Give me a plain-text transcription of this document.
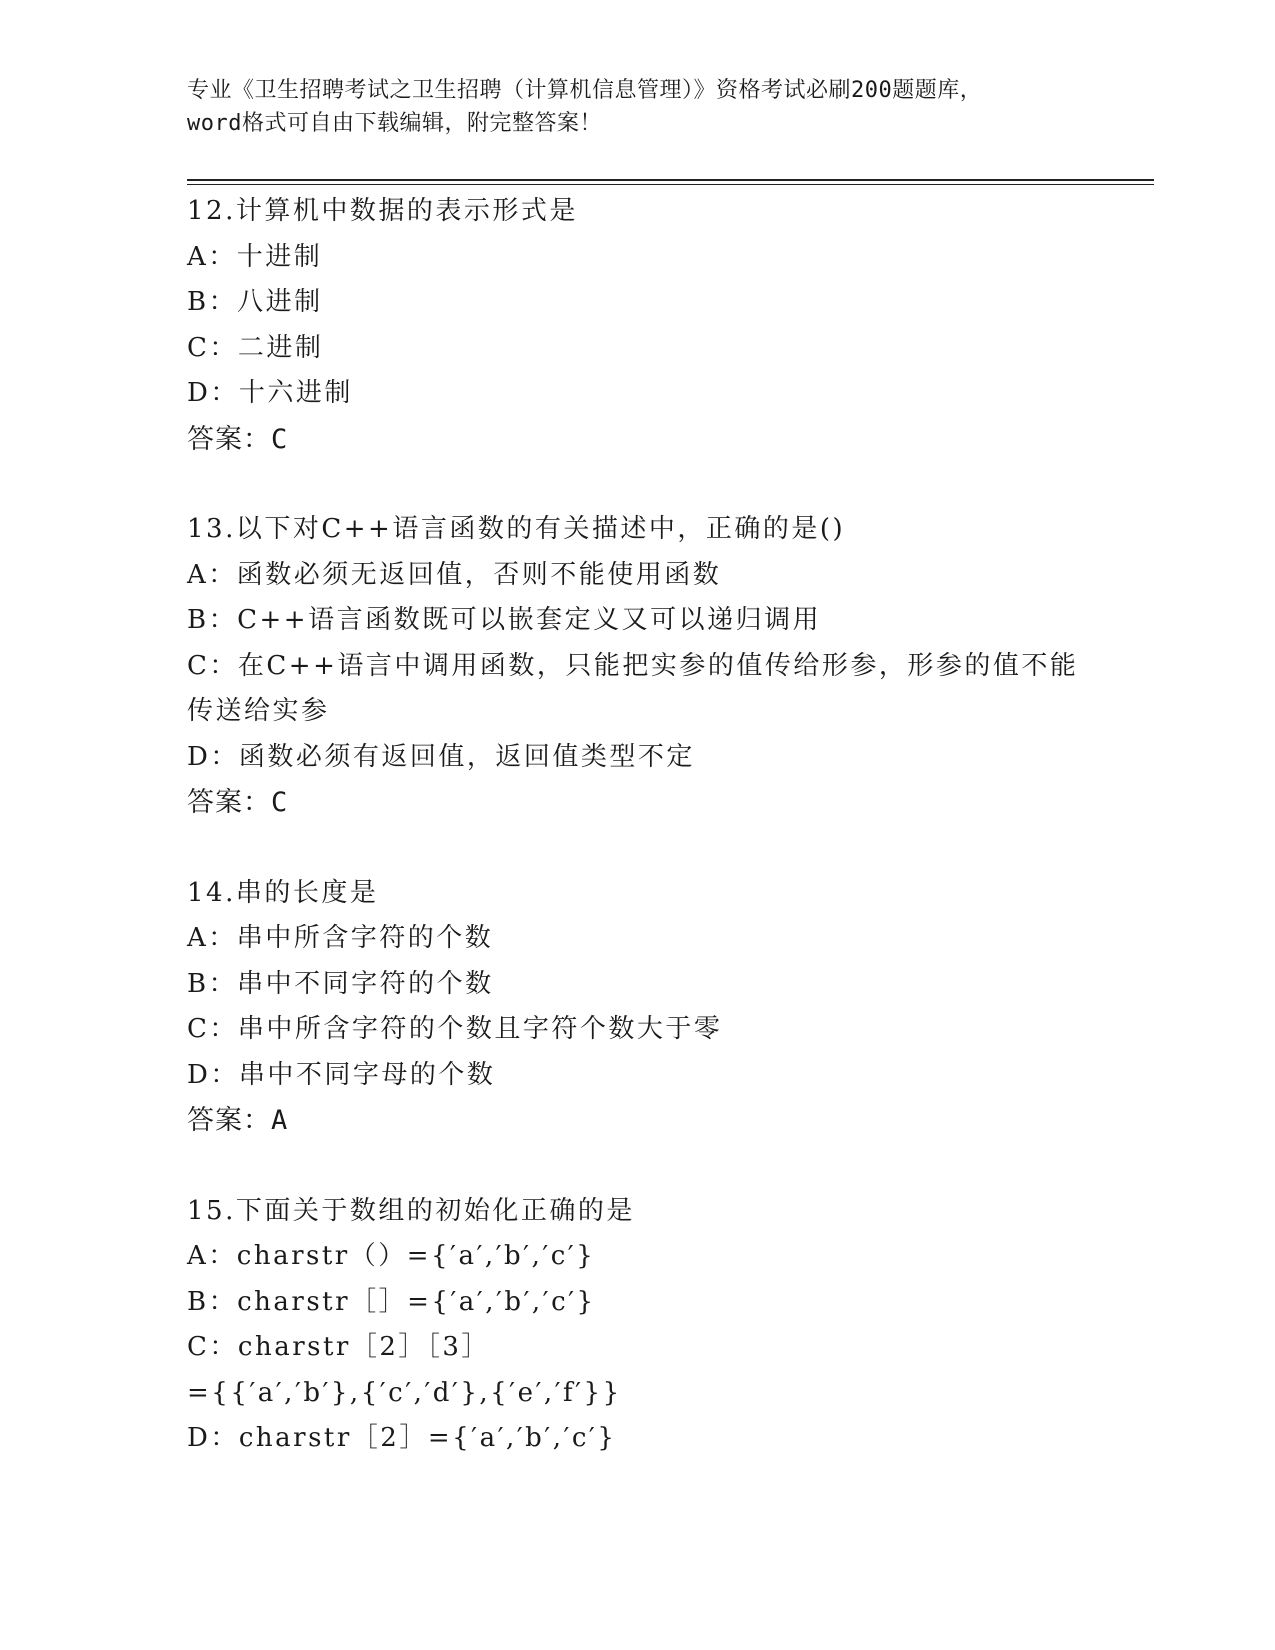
专业《卫生招聘考试之卫生招聘（计算机信息管理）》资格考试必刷200题题库，
word格式可自由下载编辑，附完整答案！
12.计算机中数据的表示形式是
A：十进制
B：八进制
C：二进制
D：十六进制
答案：C
13.以下对C++语言函数的有关描述中，正确的是()
A：函数必须无返回值，否则不能使用函数
B：C++语言函数既可以嵌套定义又可以递归调用
C：在C++语言中调用函数，只能把实参的值传给形参，形参的值不能
传送给实参
D：函数必须有返回值，返回值类型不定
答案：C
14.串的长度是
A：串中所含字符的个数
B：串中不同字符的个数
C：串中所含字符的个数且字符个数大于零
D：串中不同字母的个数
答案：A
15.下面关于数组的初始化正确的是
A：charstr（）={′a′,′b′,′c′}
B：charstr［］={′a′,′b′,′c′}
C：charstr［2］［3］
={{′a′,′b′},{′c′,′d′},{′e′,′f′}}
D：charstr［2］={′a′,′b′,′c′}
